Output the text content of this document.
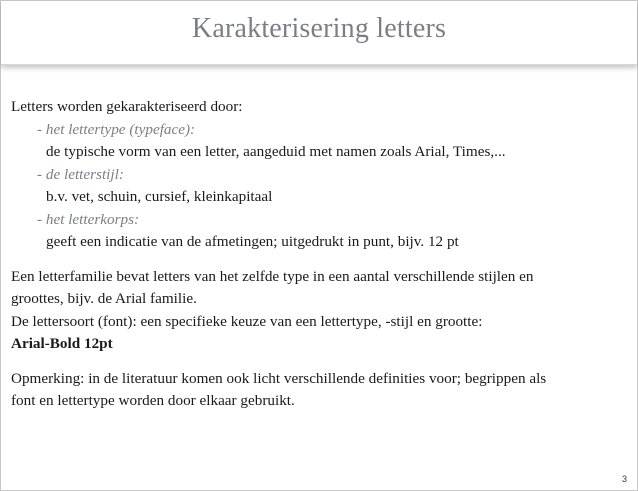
Karakterisering letters
Letters worden gekarakteriseerd door:
- het lettertype (typeface):
de typische vorm van een letter, aangeduid met namen zoals Arial, Times,...
- de letterstijl:
b.v. vet, schuin, cursief, kleinkapitaal
- het letterkorps:
geeft een indicatie van de afmetingen; uitgedrukt in punt, bijv. 12 pt
Een letterfamilie bevat letters van het zelfde type in een aantal verschillende stijlen en
groottes, bijv. de Arial familie.
De lettersoort (font): een specifieke keuze van een lettertype, -stijl en grootte:
Arial-Bold 12pt
Opmerking: in de literatuur komen ook licht verschillende definities voor; begrippen als
font en lettertype worden door elkaar gebruikt.
3
